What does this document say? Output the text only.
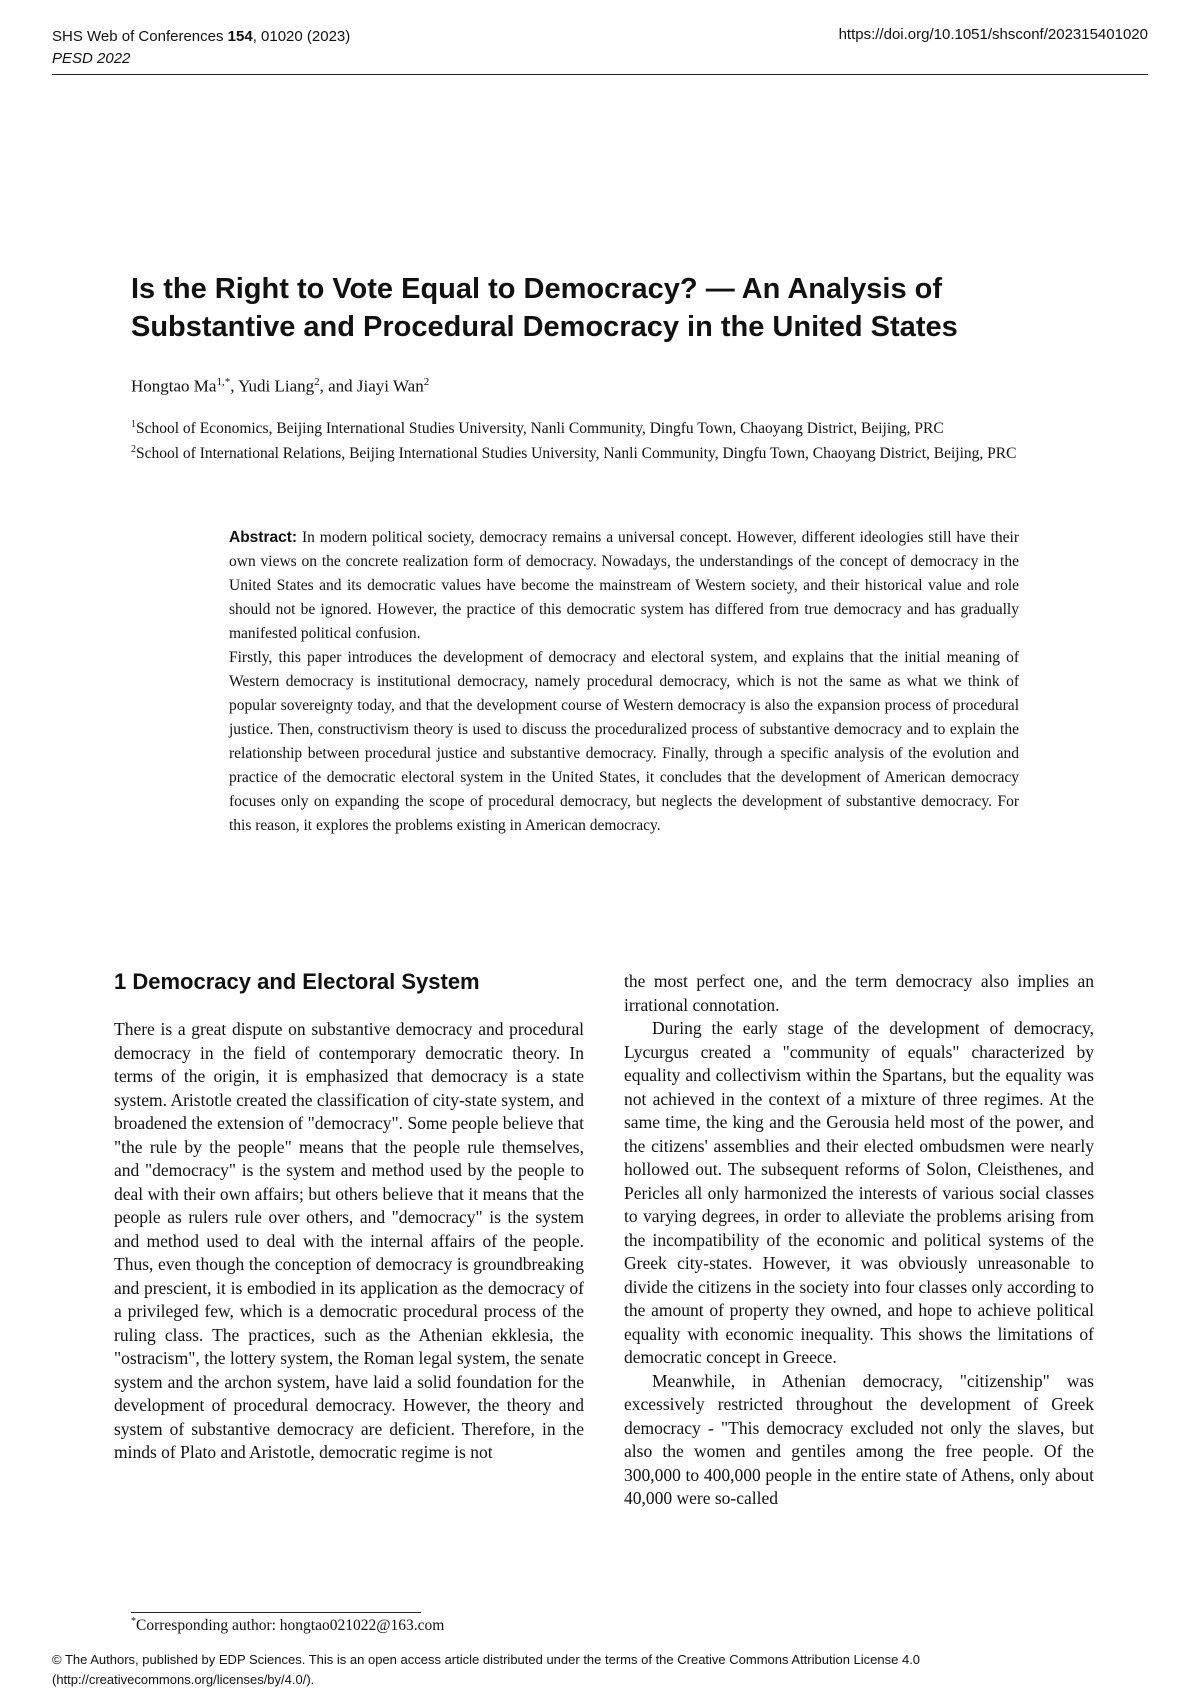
SHS Web of Conferences 154, 01020 (2023)
PESD 2022
https://doi.org/10.1051/shsconf/202315401020
Is the Right to Vote Equal to Democracy? — An Analysis of Substantive and Procedural Democracy in the United States
Hongtao $Ma^{1,*}$, Yudi Liang$^2$, and Jiayi Wan$^2$
$^1$School of Economics, Beijing International Studies University, Nanli Community, Dingfu Town, Chaoyang District, Beijing, PRC
$^2$School of International Relations, Beijing International Studies University, Nanli Community, Dingfu Town, Chaoyang District, Beijing, PRC

Abstract: In modern political society, democracy remains a universal concept. However, different ideologies still have their own views on the concrete realization form of democracy. Nowadays, the understandings of the concept of democracy in the United States and its democratic values have become the mainstream of Western society, and their historical value and role should not be ignored. However, the practice of this democratic system has differed from true democracy and has gradually manifested political confusion.

Firstly, this paper introduces the development of democracy and electoral system, and explains that the initial meaning of Western democracy is institutional democracy, namely procedural democracy, which is not the same as what we think of popular sovereignty today, and that the development course of Western democracy is also the expansion process of procedural justice. Then, constructivism theory is used to discuss the proceduralized process of substantive democracy and to explain the relationship between procedural justice and substantive democracy. Finally, through a specific analysis of the evolution and practice of the democratic electoral system in the United States, it concludes that the development of American democracy focuses only on expanding the scope of procedural democracy, but neglects the development of substantive democracy. For this reason, it explores the problems existing in American democracy.

1 Democracy and Electoral System

There is a great dispute on substantive democracy and procedural democracy in the field of contemporary democratic theory. In terms of the origin, it is emphasized that democracy is a state system. Aristotle created the classification of city-state system, and broadened the extension of "democracy". Some people believe that "the rule by the people" means that the people rule themselves, and "democracy" is the system and method used by the people to deal with their own affairs; but others believe that it means that the people as rulers rule over others, and "democracy" is the system and method used to deal with the internal affairs of the people. Thus, even though the conception of democracy is groundbreaking and prescient, it is embodied in its application as the democracy of a privileged few, which is a democratic procedural process of the ruling class. The practices, such as the Athenian ekklesia, the "ostracism", the lottery system, the Roman legal system, the senate system and the archon system, have laid a solid foundation for the development of procedural democracy. However, the theory and system of substantive democracy are deficient. Therefore, in the minds of Plato and Aristotle, democratic regime is not

the most perfect one, and the term democracy also implies an irrational connotation.

During the early stage of the development of democracy, Lycurgus created a "community of equals" characterized by equality and collectivism within the Spartans, but the equality was not achieved in the context of a mixture of three regimes. At the same time, the king and the Gerousia held most of the power, and the citizens' assemblies and their elected ombudsmen were nearly hollowed out. The subsequent reforms of Solon, Cleisthenes, and Pericles all only harmonized the interests of various social classes to varying degrees, in order to alleviate the problems arising from the incompatibility of the economic and political systems of the Greek city-states. However, it was obviously unreasonable to divide the citizens in the society into four classes only according to the amount of property they owned, and hope to achieve political equality with economic inequality. This shows the limitations of democratic concept in Greece.

Meanwhile, in Athenian democracy, "citizenship" was excessively restricted throughout the development of Greek democracy - "This democracy excluded not only the slaves, but also the women and gentiles among the free people. Of the 300,000 to 400,000 people in the entire state of Athens, only about 40,000 were so-called

*Corresponding author: hongtao021022@163.com
© The Authors, published by EDP Sciences. This is an open access article distributed under the terms of the Creative Commons Attribution License 4.0 (http://creativecommons.org/licenses/by/4.0/).
